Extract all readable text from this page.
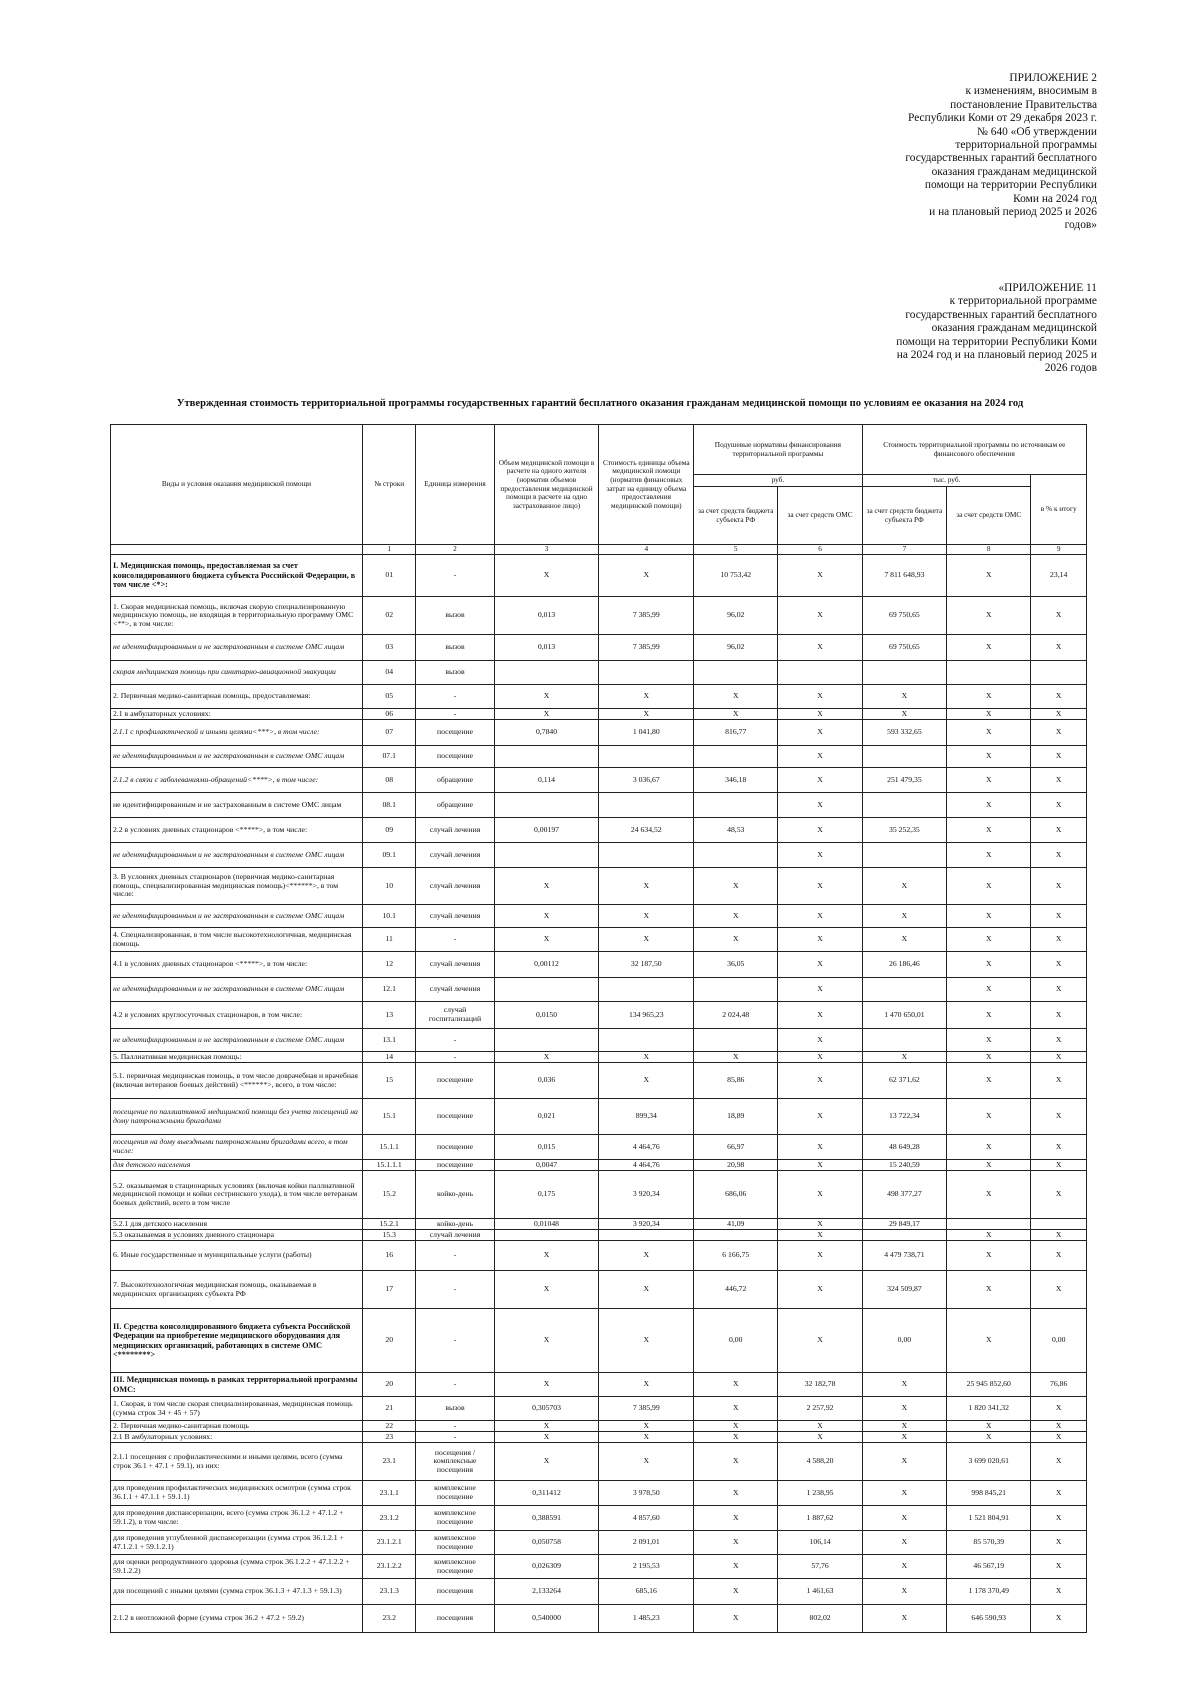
ПРИЛОЖЕНИЕ 2
к изменениям, вносимым в
постановление Правительства
Республики Коми от 29 декабря 2023 г.
№ 640 «Об утверждении
территориальной программы
государственных гарантий бесплатного
оказания гражданам медицинской
помощи на территории Республики
Коми на 2024 год
и на плановый период 2025 и 2026
годов»
«ПРИЛОЖЕНИЕ 11
к территориальной программе
государственных гарантий бесплатного
оказания гражданам медицинской
помощи на территории Республики Коми
на 2024 год и на плановый период 2025 и
2026 годов
Утвержденная стоимость территориальной программы государственных гарантий бесплатного оказания гражданам медицинской помощи по условиям ее оказания на 2024 год
Виды и условия оказания медицинской помощи	№ строки	Единица измерения	Объем медицинской помощи в расчете на одного жителя (норматив объемов предоставления медицинской помощи в расчете на одно застрахованное лицо)	Стоимость единицы объема медицинской помощи (норматив финансовых затрат на единицу объема предоставления медицинской помощи)	Подушевые нормативы финансирования территориальной программы		Стоимость территориальной программы по источникам ее финансового обеспечения		
					руб.		тыс. руб.		в % к итогу
					за счет средств бюджета субъекта РФ	за счет средств ОМС	за счет средств бюджета субъекта РФ	за счет средств ОМС	
	1	2	3	4	5	6	7	8	9
I. Медицинская помощь, предоставляемая за счет консолидированного бюджета субъекта Российской Федерации, в том числе <*>:	01	-	X	X	10 753,42	X	7 811 648,93	X	23,14
1. Скорая медицинская помощь, включая скорую специализированную медицинскую помощь, не входящая в территориальную программу ОМС <**>, в том числе:	02	вызов	0,013	7 385,99	96,02	X	69 750,65	X	X
не идентифицированным и не застрахованным в системе ОМС лицам	03	вызов	0,013	7 385,99	96,02	X	69 750,65	X	X
скорая медицинская помощь при санитарно-авиационной эвакуации	04	вызов							
2. Первичная медико-санитарная помощь, предоставляемая:	05	-	X	X	X	X	X	X	X
2.1 в амбулаторных условиях:	06	-	X	X	X	X	X	X	X
2.1.1 с профилактической и иными целями<***>, в том числе:	07	посещение	0,7840	1 041,80	816,77	X	593 332,65	X	X
не идентифицированным и не застрахованным в системе ОМС лицам	07.1	посещение				X		X	X
2.1.2 в связи с заболеваниями-обращений<****>, в том числе:	08	обращение	0,114	3 036,67	346,18	X	251 479,35	X	X
не идентифицированным и не застрахованным в системе ОМС лицам	08.1	обращение				X		X	X
2.2 в условиях дневных стационаров <*****>, в том числе:	09	случай лечения	0,00197	24 634,52	48,53	X	35 252,35	X	X
не идентифицированным и не застрахованным в системе ОМС лицам	09.1	случай лечения				X		X	X
3. В условиях дневных стационаров (первичная медико-санитарная помощь, специализированная медицинская помощь)<******>, в том числе:	10	случай лечения	X	X	X	X	X	X	X
не идентифицированным и не застрахованным в системе ОМС лицам	10.1	случай лечения	X	X	X	X	X	X	X
4. Специализированная, в том числе высокотехнологичная, медицинская помощь	11	-	X	X	X	X	X	X	X
4.1 в условиях дневных стационаров <*****>, в том числе:	12	случай лечения	0,00112	32 187,50	36,05	X	26 186,46	X	X
не идентифицированным и не застрахованным в системе ОМС лицам	12.1	случай лечения				X		X	X
4.2 в условиях круглосуточных стационаров, в том числе:	13	случай госпитализаций	0,0150	134 965,23	2 024,48	X	1 470 650,01	X	X
не идентифицированным и не застрахованным в системе ОМС лицам	13.1	-				X		X	X
5. Паллиативная медицинская помощь:	14	-	X	X	X	X	X	X	X
5.1. первичная медицинская помощь, в том числе доврачебная и врачебная (включая ветеранов боевых действий) <******>, всего, в том числе:	15	посещение	0,036	X	85,86	X	62 371,62	X	X
посещение по паллиативной медицинской помощи без учета посещений на дому патронажными бригадами	15.1	посещение	0,021	899,34	18,89	X	13 722,34	X	X
посещения на дому выездными патронажными бригадами всего, в том числе:	15.1.1	посещение	0,015	4 464,76	66,97	X	48 649,28	X	X
для детского населения	15.1.1.1	посещение	0,0047	4 464,76	20,98	X	15 240,59	X	X
5.2. оказываемая в стационарных условиях (включая койки паллиативной медицинской помощи и койки сестринского ухода), в том числе ветеранам боевых действий, всего в том числе	15.2	койко-день	0,175	3 920,34	686,06	X	498 377,27	X	X
5.2.1 для детского населения	15.2.1	койко-день	0,01048	3 920,34	41,09	X	29 849,17		
5.3 оказываемая в условиях дневного стационара	15.3	случай лечения				X		X	X
6. Иные государственные и муниципальные услуги (работы)	16	-	X	X	6 166,75	X	4 479 738,71	X	X
7. Высокотехнологичная медицинская помощь, оказываемая в медицинских организациях субъекта РФ	17	-	X	X	446,72	X	324 509,87	X	X
II. Средства консолидированного бюджета субъекта Российской Федерации на приобретение медицинского оборудования для медицинских организаций, работающих в системе ОМС <********>	20	-	X	X	0,00	X	0,00	X	0,00
III. Медицинская помощь в рамках территориальной программы ОМС:	20	-	X	X	X	32 182,78	X	25 945 852,60	76,86
1. Скорая, в том числе скорая специализированная, медицинская помощь (сумма строк 34 + 45 + 57)	21	вызов	0,305703	7 385,99	X	2 257,92	X	1 820 341,32	X
2. Первичная медико-санитарная помощь	22	-	X	X	X	X	X	X	X
2.1 В амбулаторных условиях:	23	-	X	X	X	X	X	X	X
2.1.1 посещения с профилактическими и иными целями, всего (сумма строк 36.1 + 47.1 + 59.1), из них:	23.1	посещения / комплексные посещения	X	X	X	4 588,20	X	3 699 020,61	X
для проведения профилактических медицинских осмотров (сумма строк 36.1.1 + 47.1.1 + 59.1.1)	23.1.1	комплексное посещение	0,311412	3 978,50	X	1 238,95	X	998 845,21	X
для проведения диспансеризации, всего (сумма строк 36.1.2 + 47.1.2 + 59.1.2), в том числе:	23.1.2	комплексное посещение	0,388591	4 857,60	X	1 887,62	X	1 521 804,91	X
для проведения углубленной диспансеризации (сумма строк 36.1.2.1 + 47.1.2.1 + 59.1.2.1)	23.1.2.1	комплексное посещение	0,050758	2 091,01	X	106,14	X	85 570,39	X
для оценки репродуктивного здоровья (сумма строк 36.1.2.2 + 47.1.2.2 + 59.1.2.2)	23.1.2.2	комплексное посещение	0,026309	2 195,53	X	57,76	X	46 567,19	X
для посещений с иными целями (сумма строк 36.1.3 + 47.1.3 + 59.1.3)	23.1.3	посещения	2,133264	685,16	X	1 461,63	X	1 178 370,49	X
2.1.2 в неотложной форме (сумма строк 36.2 + 47.2 + 59.2)	23.2	посещения	0,540000	1 485,23	X	802,02	X	646 590,93	X
